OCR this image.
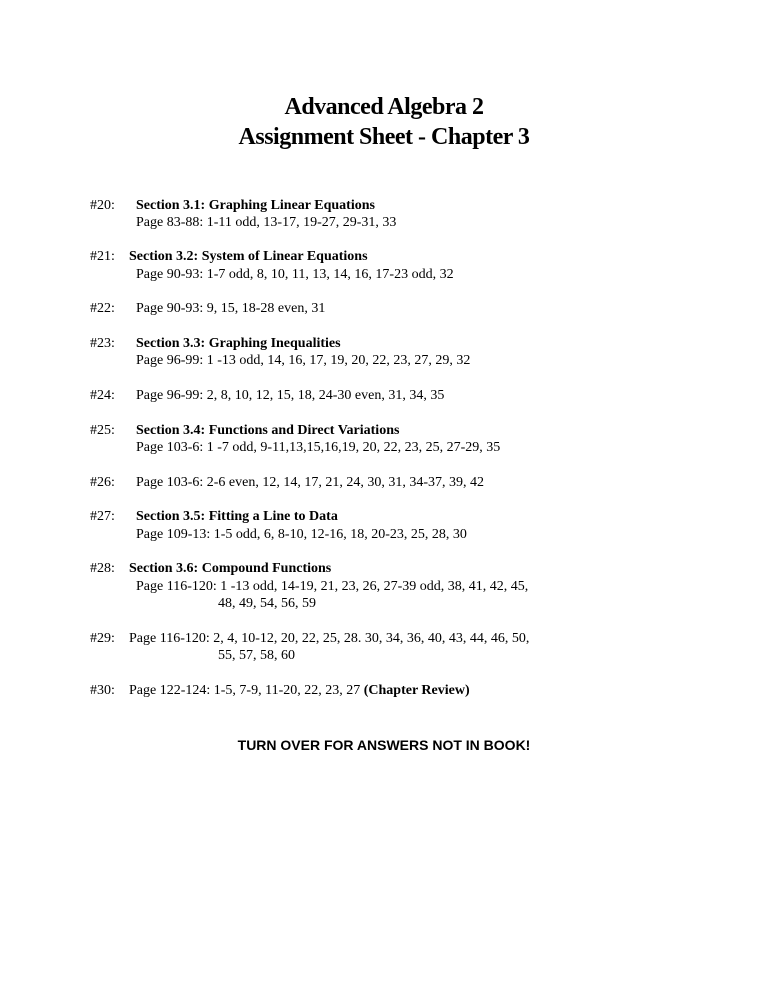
Advanced Algebra 2
Assignment Sheet - Chapter 3
#20: Section 3.1: Graphing Linear Equations
Page 83-88: 1-11 odd, 13-17, 19-27, 29-31, 33
#21: Section 3.2: System of Linear Equations
Page 90-93: 1-7 odd, 8, 10, 11, 13, 14, 16, 17-23 odd, 32
#22: Page 90-93: 9, 15, 18-28 even, 31
#23: Section 3.3: Graphing Inequalities
Page 96-99: 1 -13 odd, 14, 16, 17, 19, 20, 22, 23, 27, 29, 32
#24: Page 96-99: 2, 8, 10, 12, 15, 18, 24-30 even, 31, 34, 35
#25: Section 3.4: Functions and Direct Variations
Page 103-6: 1 -7 odd, 9-11,13,15,16,19, 20, 22, 23, 25, 27-29, 35
#26: Page 103-6: 2-6 even, 12, 14, 17, 21, 24, 30, 31, 34-37, 39, 42
#27: Section 3.5: Fitting a Line to Data
Page 109-13: 1-5 odd, 6, 8-10, 12-16, 18, 20-23, 25, 28, 30
#28: Section 3.6: Compound Functions
Page 116-120: 1 -13 odd, 14-19, 21, 23, 26, 27-39 odd, 38, 41, 42, 45,
48, 49, 54, 56, 59
#29: Page 116-120: 2, 4, 10-12, 20, 22, 25, 28. 30, 34, 36, 40, 43, 44, 46, 50,
55, 57, 58, 60
#30: Page 122-124: 1-5, 7-9, 11-20, 22, 23, 27 (Chapter Review)
TURN OVER FOR ANSWERS NOT IN BOOK!
